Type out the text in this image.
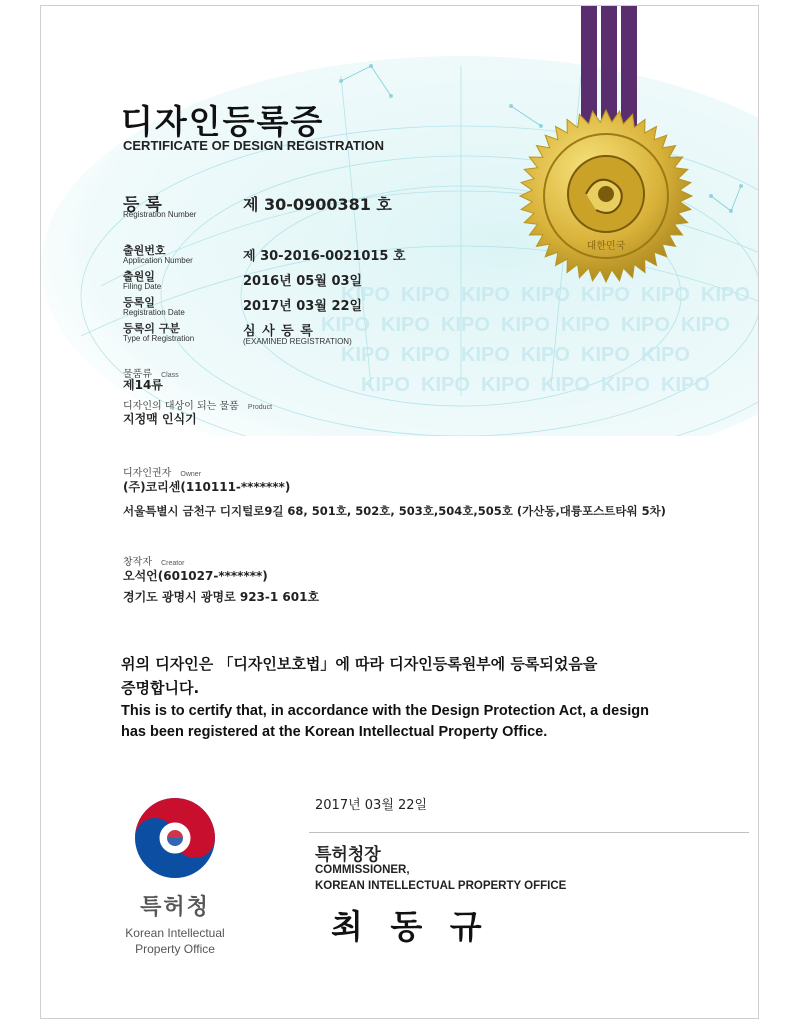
KIPO KIPO KIPO KIPO KIPO KIPO KIPO
KIPO KIPO KIPO KIPO KIPO KIPO KIPO
KIPO KIPO KIPO KIPO KIPO KIPO
KIPO KIPO KIPO KIPO KIPO KIPO
대한민국
디자인등록증
CERTIFICATE OF DESIGN REGISTRATION
등 록
Registration Number
제 30-0900381 호
출원번호
Application Number	제 30-2016-0021015 호
출원일
Filing Date	2016년 05월 03일
등록일
Registration Date	2017년 03월 22일
등록의 구분
Type of Registration	심 사 등 록
(EXAMINED REGISTRATION)
물품류 Class
제14류
디자인의 대상이 되는 물품 Product
지정맥 인식기
디자인권자 Owner
(주)코리센(110111-*******)
서울특별시 금천구 디지털로9길 68, 501호, 502호, 503호,504호,505호 (가산동,대륭포스트타워 5차)
창작자 Creator
오석언(601027-*******)
경기도 광명시 광명로 923-1 601호
위의 디자인은 「디자인보호법」에 따라 디자인등록원부에 등록되었음을
증명합니다.
This is to certify that, in accordance with the Design Protection Act, a design
has been registered at the Korean Intellectual Property Office.
2017년 03월 22일
특허청장
COMMISSIONER,
KOREAN INTELLECTUAL PROPERTY OFFICE
최 동 규
특허청
Korean Intellectual
Property Office
